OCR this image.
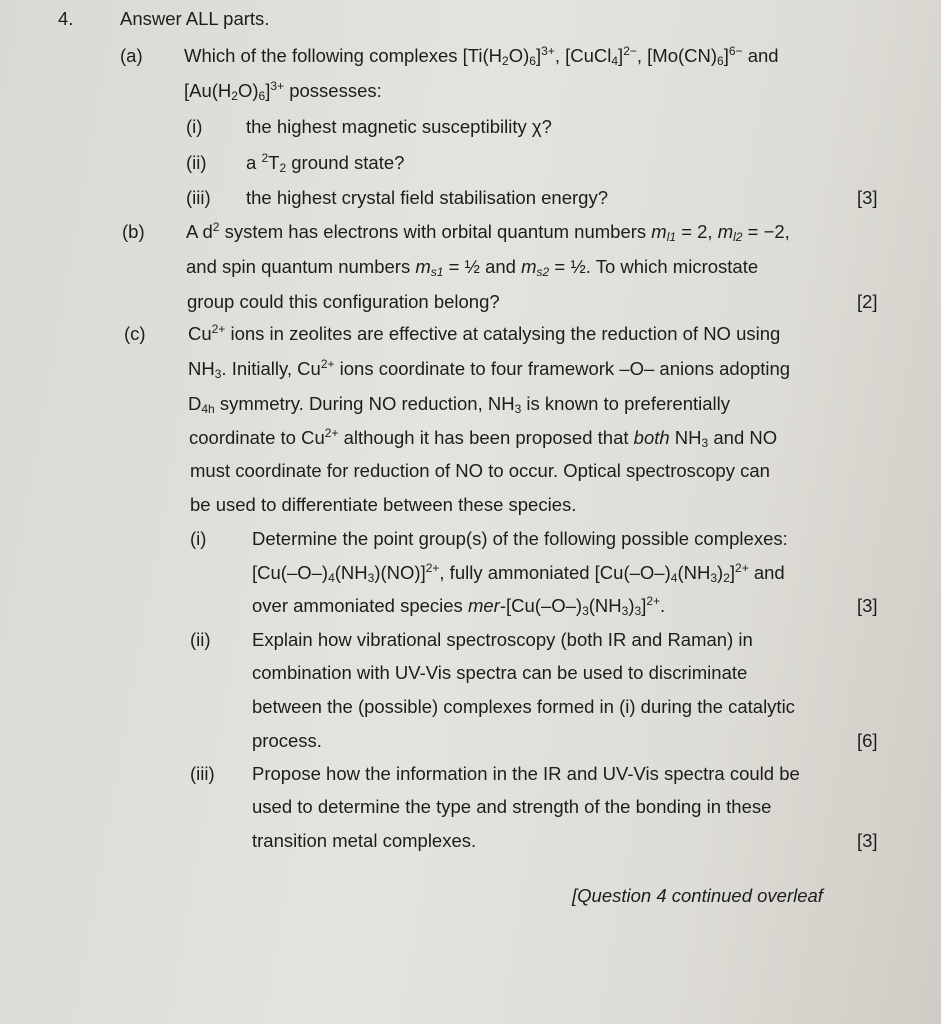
4.	Answer ALL parts.
(a) Which of the following complexes $[Ti(H_2O)_6]^{3+}$, [CuCl$_4$]$^{2-}$, $[Mo(CN)_6]^{6-}$ and
$[Au(H_2O)_6]^{3+}$ possesses:
(i) the highest magnetic susceptibility χ?
(ii) a $^2T_2$ ground state?
(iii) the highest crystal field stabilisation energy?	[3]
(b) A $d^2$ system has electrons with orbital quantum numbers $m_{l1} = 2$, $m_{l2} = -2$,
and spin quantum numbers $m_{s1}$ = ½ and $m_{s2}$ = ½. To which microstate
group could this configuration belong?	[2]
(c) $Cu^{2+}$ ions in zeolites are effective at catalysing the reduction of NO using
$NH_3$. Initially, $Cu^{2+}$ ions coordinate to four framework –O– anions adopting
$D_{4h}$ symmetry. During NO reduction, $NH_3$ is known to preferentially
coordinate to $Cu^{2+}$ although it has been proposed that both $NH_3$ and NO
must coordinate for reduction of NO to occur. Optical spectroscopy can
be used to differentiate between these species.
(i) Determine the point group(s) of the following possible complexes:
$[Cu(-O-)_4(NH_3)(NO)]^{2+}$, fully ammoniated $[Cu(-O-)_4(NH_3)_2]^{2+}$ and
over ammoniated species mer-$[Cu(-O-)_3(NH_3)_3]^{2+}$.	[3]
(ii) Explain how vibrational spectroscopy (both IR and Raman) in
combination with UV-Vis spectra can be used to discriminate
between the (possible) complexes formed in (i) during the catalytic
process.	[6]
(iii) Propose how the information in the IR and UV-Vis spectra could be
used to determine the type and strength of the bonding in these
transition metal complexes.	[3]
[Question 4 continued overleaf
